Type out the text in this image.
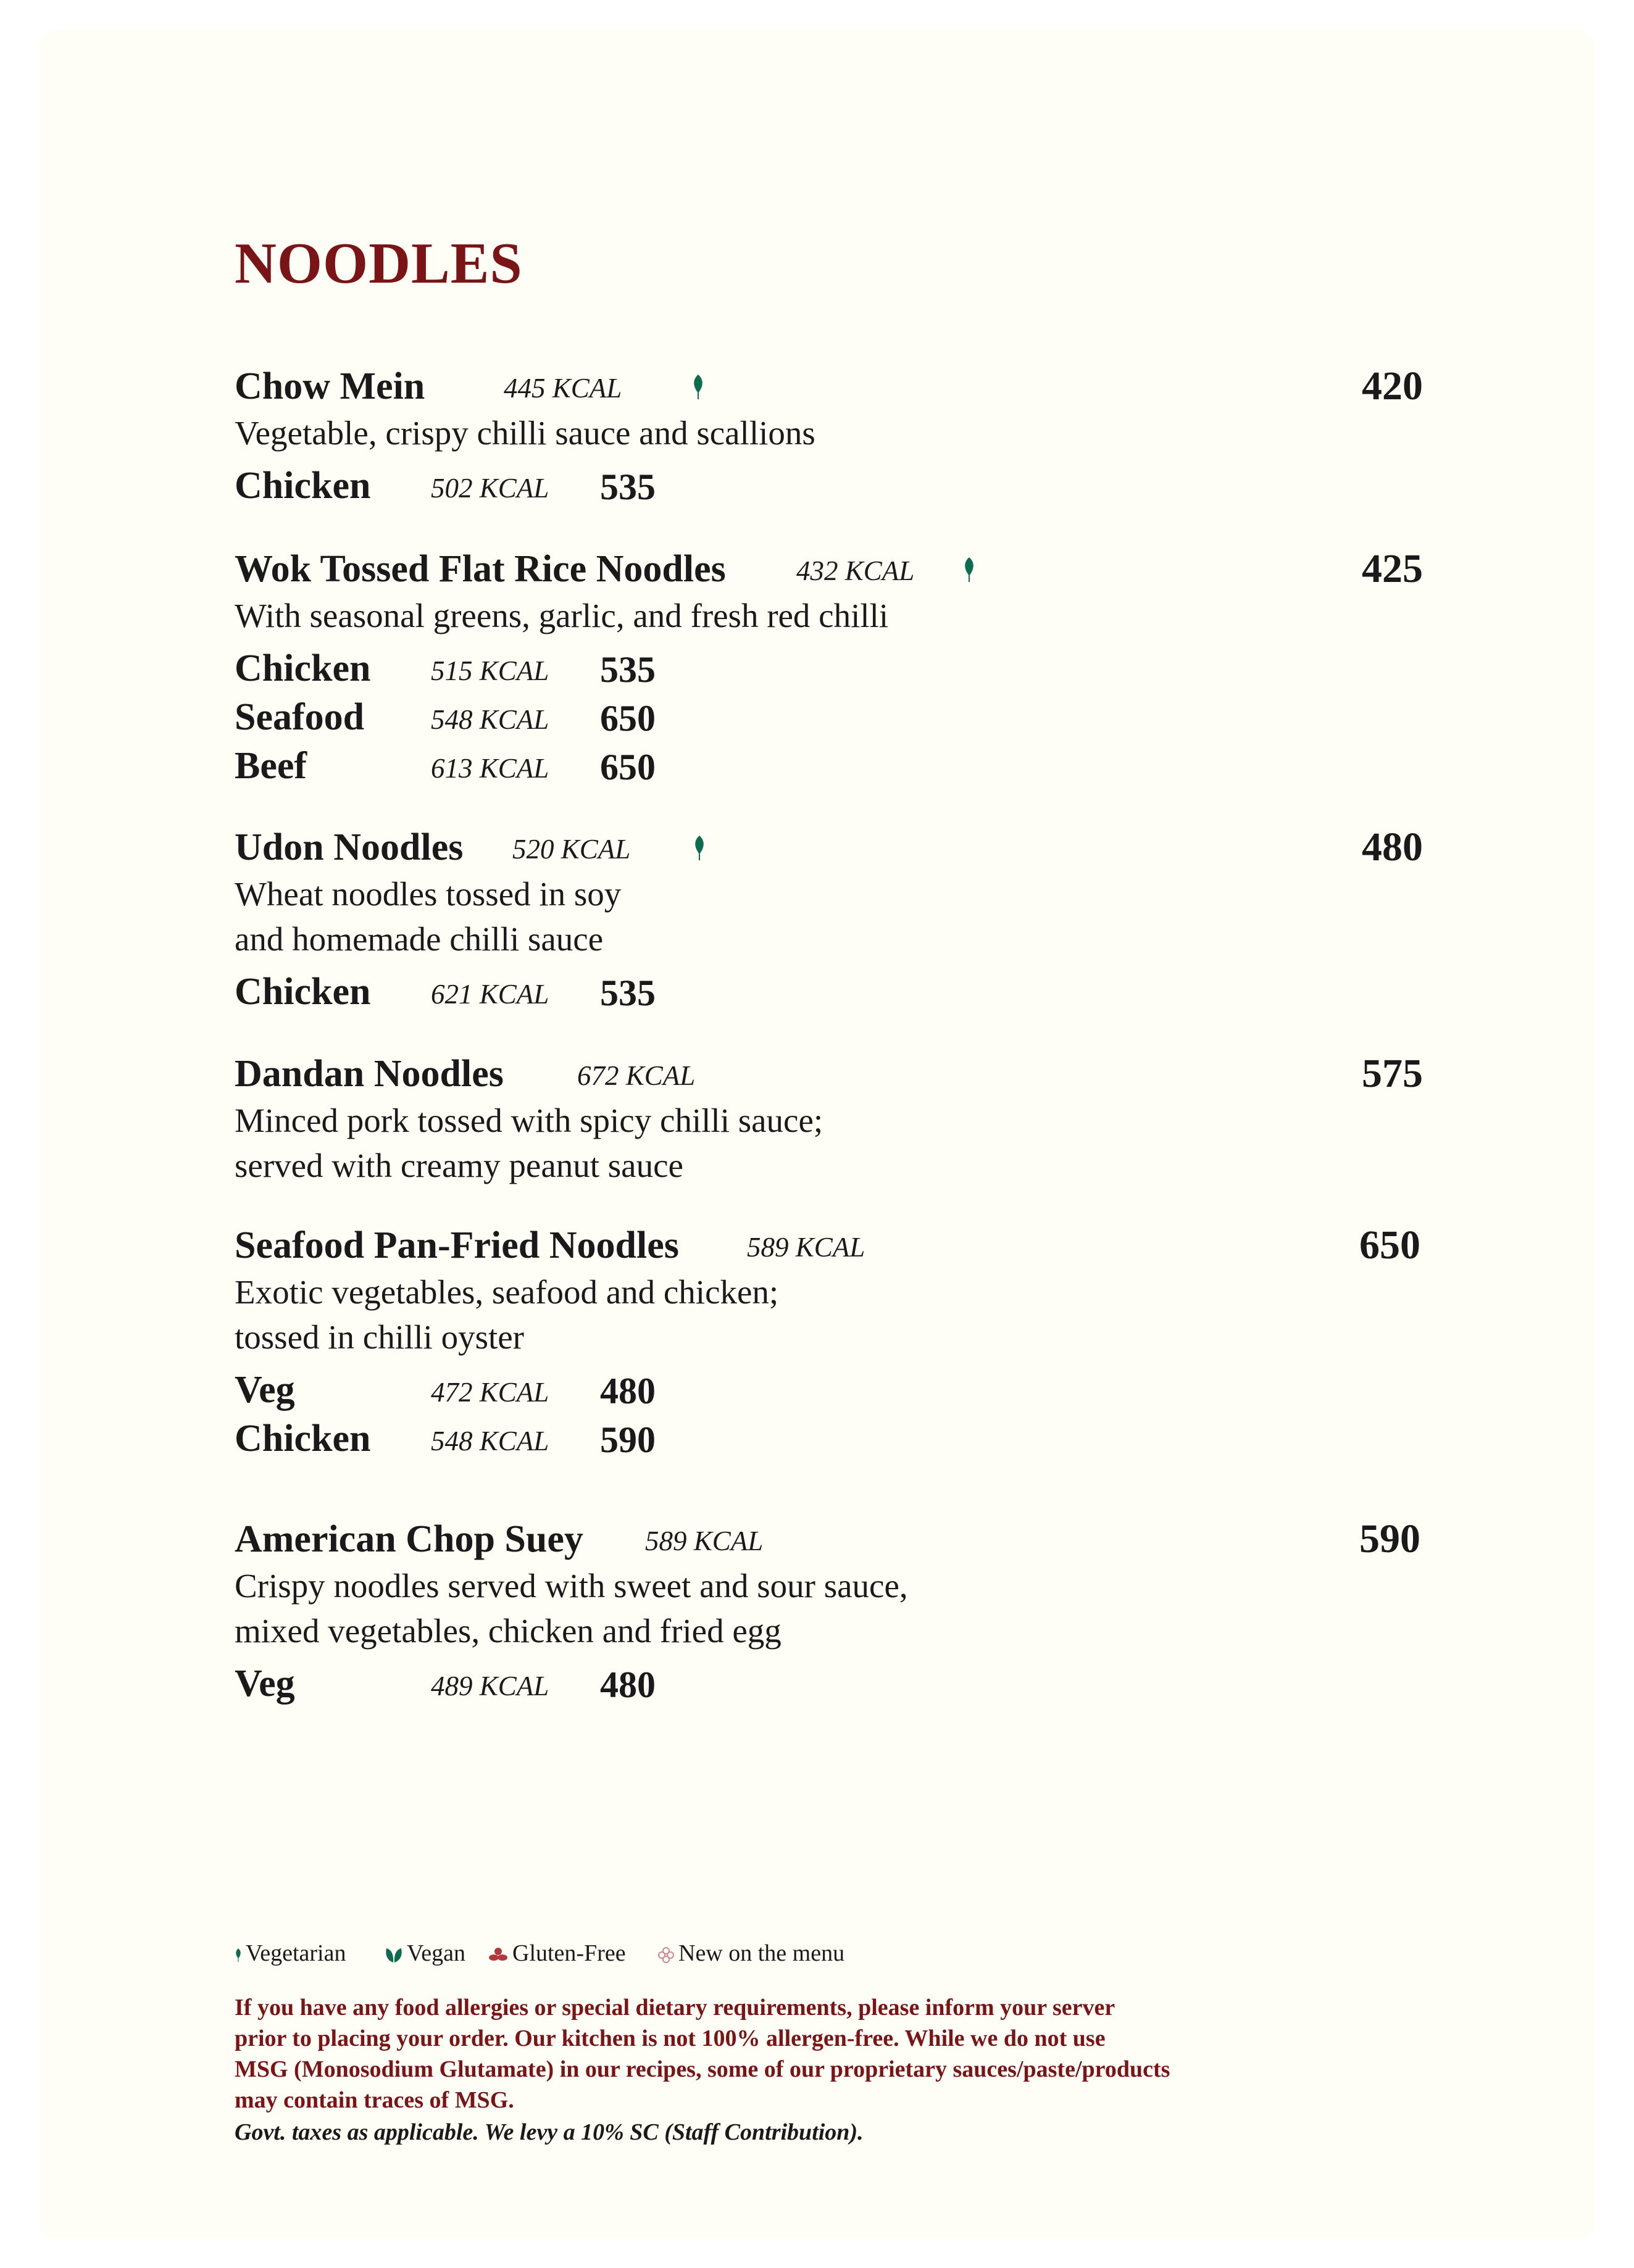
NOODLES
Chow Mein	445 KCAL	420
Vegetable, crispy chilli sauce and scallions
Chicken 502 KCAL 535
Wok Tossed Flat Rice Noodles	432 KCAL	425
With seasonal greens, garlic, and fresh red chilli
Chicken 515 KCAL 535
Seafood 548 KCAL 650
Beef	613 KCAL 650
Udon Noodles 520 KCAL	480
Wheat noodles tossed in soy
and homemade chilli sauce
Chicken 621 KCAL 535
Dandan Noodles	672 KCAL	575
Minced pork tossed with spicy chilli sauce;
served with creamy peanut sauce
Seafood Pan-Fried Noodles 589 KCAL	650
Exotic vegetables, seafood and chicken;
tossed in chilli oyster
Veg	472 KCAL 480
Chicken 548 KCAL 590
American Chop Suey 589 KCAL	590
Crispy noodles served with sweet and sour sauce,
mixed vegetables, chicken and fried egg
Veg	489 KCAL 480
Vegetarian	Vegan	Gluten-Free	New on the menu
If you have any food allergies or special dietary requirements, please inform your server
prior to placing your order. Our kitchen is not 100% allergen-free. While we do not use
MSG (Monosodium Glutamate) in our recipes, some of our proprietary sauces/paste/products
may contain traces of MSG.
Govt. taxes as applicable. We levy a 10% SC (Staff Contribution).
